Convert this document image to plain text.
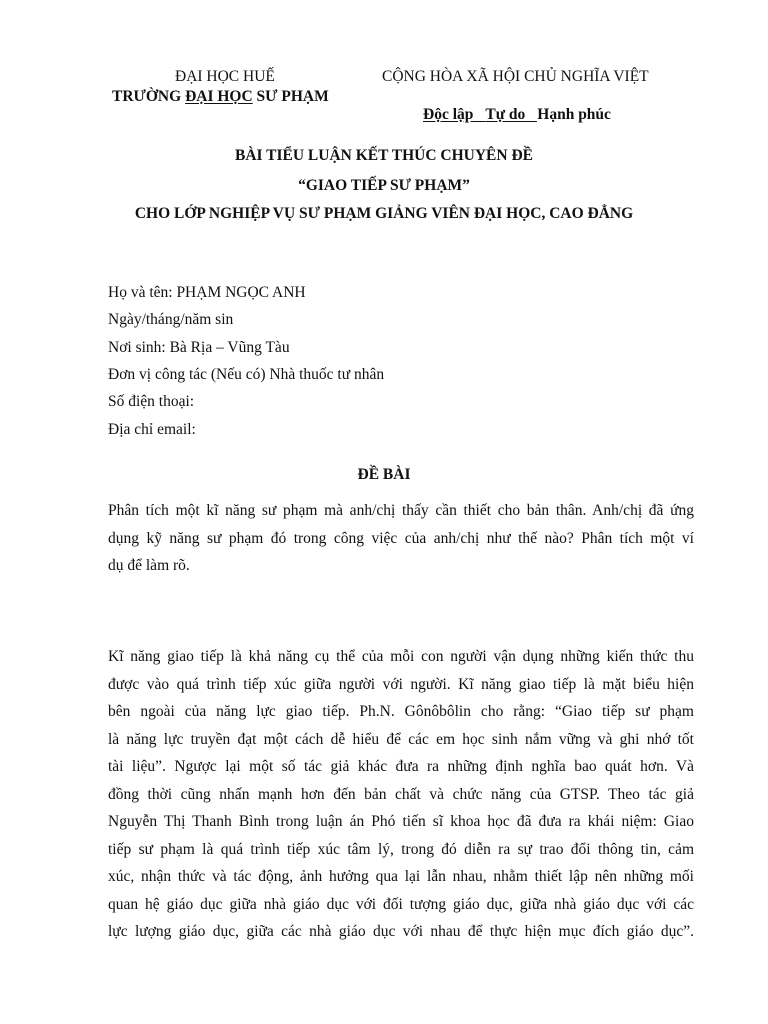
ĐẠI HỌC HUẾ
TRƯỜNG ĐẠI HỌC SƯ PHẠM
CỘNG HÒA XÃ HỘI CHỦ NGHĨA VIỆT
Độc lập Tự do Hạnh phúc
BÀI TIỂU LUẬN KẾT THÚC CHUYÊN ĐỀ
“GIAO TIẾP SƯ PHẠM”
CHO LỚP NGHIỆP VỤ SƯ PHẠM GIẢNG VIÊN ĐẠI HỌC, CAO ĐẲNG
Họ và tên: PHẠM NGỌC ANH
Ngày/tháng/năm sin
Nơi sinh: Bà Rịa – Vũng Tàu
Đơn vị công tác (Nếu có) Nhà thuốc tư nhân
Số điện thoại:
Địa chỉ email:
ĐỀ BÀI
Phân tích một kĩ năng sư phạm mà anh/chị thấy cần thiết cho bản thân. Anh/chị đã ứng
dụng kỹ năng sư phạm đó trong công việc của anh/chị như thế nào? Phân tích một ví
dụ để làm rõ.
Kĩ năng giao tiếp là khả năng cụ thể của mỗi con người vận dụng những kiến thức thu
được vào quá trình tiếp xúc giữa người với người. Kĩ năng giao tiếp là mặt biểu hiện
bên ngoài của năng lực giao tiếp. Ph.N. Gônôbôlin cho rằng: “Giao tiếp sư phạm
là năng lực truyền đạt một cách dễ hiểu để các em học sinh nắm vững và ghi nhớ tốt
tài liệu”. Ngược lại một số tác giả khác đưa ra những định nghĩa bao quát hơn. Và
đồng thời cũng nhấn mạnh hơn đến bản chất và chức năng của GTSP. Theo tác giả
Nguyễn Thị Thanh Bình trong luận án Phó tiến sĩ khoa học đã đưa ra khái niệm: Giao
tiếp sư phạm là quá trình tiếp xúc tâm lý, trong đó diễn ra sự trao đổi thông tin, cảm
xúc, nhận thức và tác động, ảnh hưởng qua lại lẫn nhau, nhằm thiết lập nên những mối
quan hệ giáo dục giữa nhà giáo dục với đối tượng giáo dục, giữa nhà giáo dục với các
lực lượng giáo dục, giữa các nhà giáo dục với nhau để thực hiện mục đích giáo dục”.
